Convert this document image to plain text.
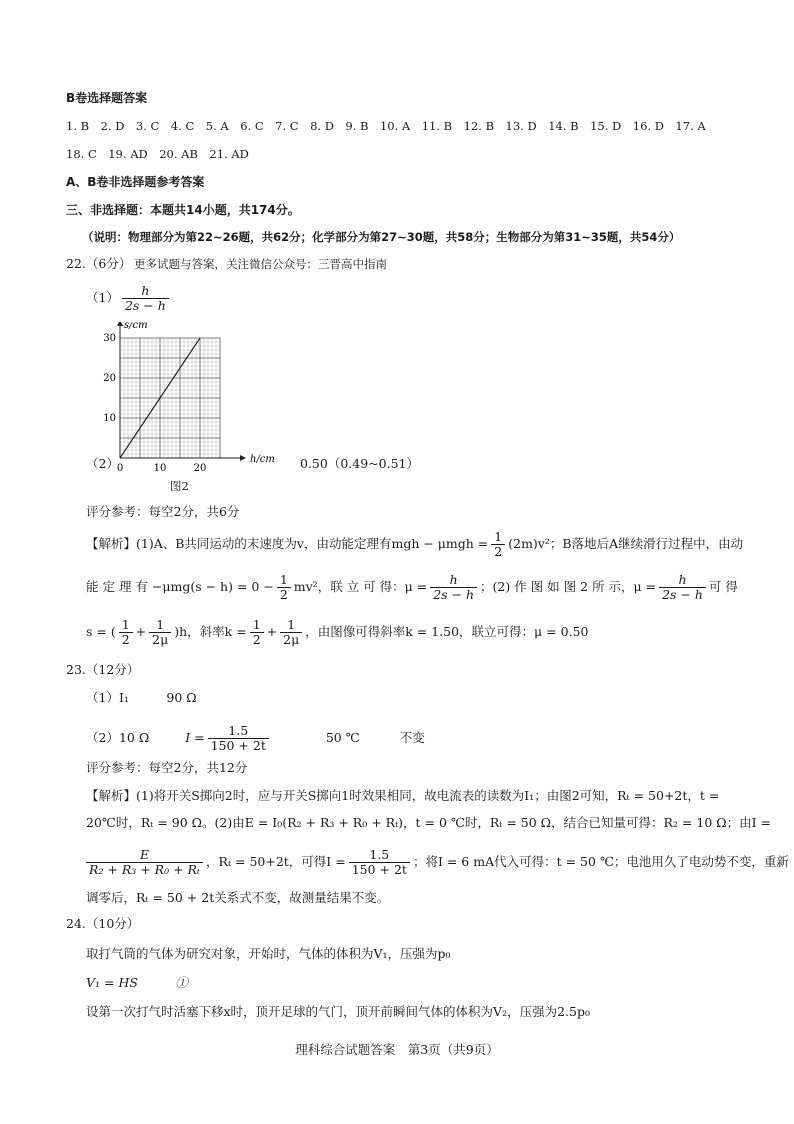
B卷选择题答案
1. B　2. D　3. C　4. C　5. A　6. C　7. C　8. D　9. B　10. A　11. B　12. B　13. D　14. B　15. D　16. D　17. A
18. C　19. AD　20. AB　21. AD
A、B卷非选择题参考答案
三、非选择题：本题共14小题，共174分。
（说明：物理部分为第22~26题，共62分；化学部分为第27~30题，共58分；生物部分为第31~35题，共54分）
22.（6分） 更多试题与答案，关注微信公众号：三晋高中指南
$(1) \frac{h}{2s - h}$
0	10	20
10
20
30
s/cm
h/cm
（2）	0.50（0.49~0.51）
图2
评分参考：每空2分，共6分
【解析】(1)A、B共同运动的末速度为v，由动能定理有mgh − $\mu mgh = \frac{1}{2} (2m)v^2$；B落地后A继续滑行过程中，由动
能 定 理 有 $-\mu mg(s - h) = 0 - \frac{1}{2} mv^2$，联 立 可 得：$\mu = \frac{h}{2s - h}$ ；(2) 作 图 如 图 2 所 示，$\mu = \frac{h}{2s - h}$ 可 得
s = ( $\frac{1}{2} + \frac{1}{2\mu} )h$，斜率$k = \frac{1}{2} + \frac{1}{2\mu}$ ，由图像可得斜率k = 1.50，联立可得：μ = 0.50
23.（12分）
（1）I₁　　　90 Ω
（2）10 Ω	$I = \frac{1.5}{150 + 2t}$	50 ℃	不变
评分参考：每空2分，共12分
【解析】(1)将开关S掷向2时，应与开关S掷向1时效果相同，故电流表的读数为I₁；由图2可知，Rₜ = 50+2t，t =
20℃时，Rₜ = 90 Ω。(2)由E = I₀(R₂ + R₃ + R₀ + Rₜ)，t = 0 ℃时，Rₜ = 50 Ω，结合已知量可得：R₂ = 10 Ω；由I =
$\frac{E}{\text{R₂ + R₃ + R₀ + Rₜ}}$ ，Rₜ = 50+2t，可得$I = \frac{1.5}{150 + 2t}$ ；将I = 6 mA代入可得：t = 50 ℃；电池用久了电动势不变，重新
调零后，Rₜ = 50 + 2t关系式不变，故测量结果不变。
24.（10分）
取打气筒的气体为研究对象，开始时，气体的体积为V₁，压强为p₀
V₁ = HS　　　①
设第一次打气时活塞下移x时，顶开足球的气门，顶开前瞬间气体的体积为V₂，压强为2.5p₀
理科综合试题答案　第3页（共9页）
